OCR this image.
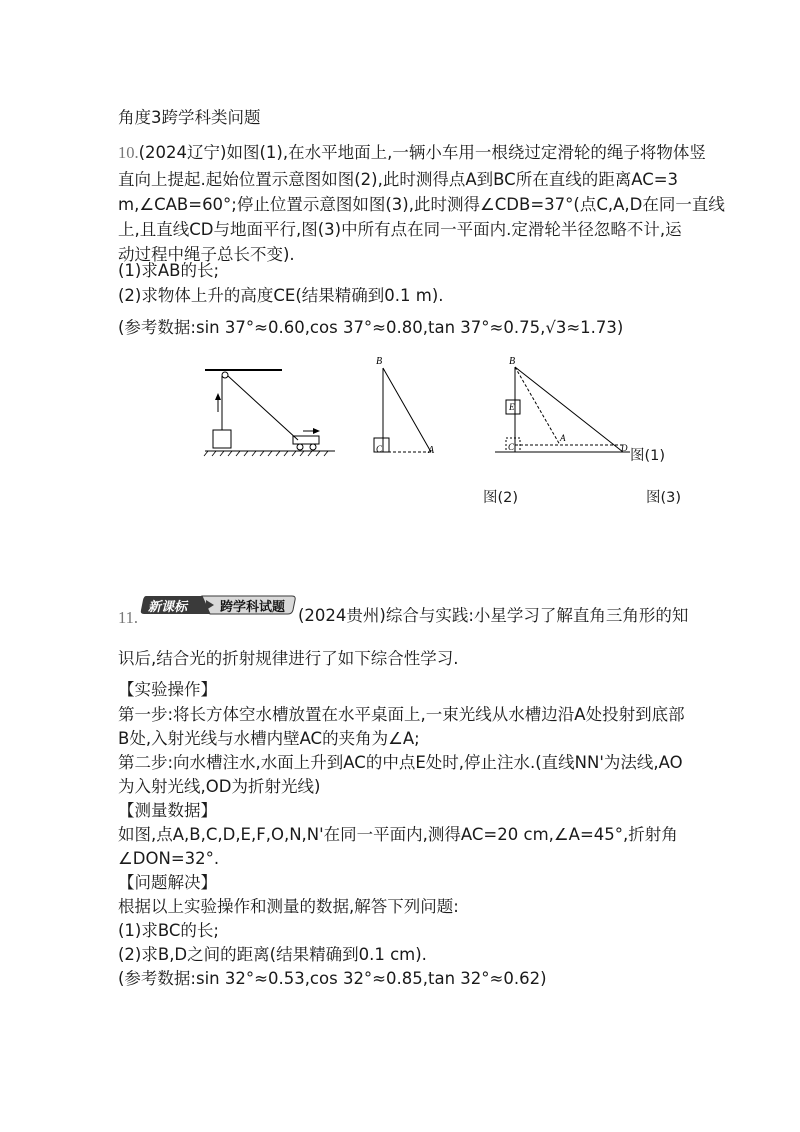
角度3跨学科类问题
10.(2024辽宁)如图(1),在水平地面上,一辆小车用一根绕过定滑轮的绳子将物体竖
直向上提起.起始位置示意图如图(2),此时测得点A到BC所在直线的距离AC=3
m,∠CAB=60°;停止位置示意图如图(3),此时测得∠CDB=37°(点C,A,D在同一直线
上,且直线CD与地面平行,图(3)中所有点在同一平面内.定滑轮半径忽略不计,运
动过程中绳子总长不变).
(1)求AB的长;
(2)求物体上升的高度CE(结果精确到0.1 m).
(参考数据:sin 37°≈0.60,cos 37°≈0.80,tan 37°≈0.75,√3≈1.73)
B
C	A
B
E
C
A
D 图(1)
图(2)	图(3)
11.
新课标	跨学科试题 (2024贵州)综合与实践:小星学习了解直角三角形的知
识后,结合光的折射规律进行了如下综合性学习.
【实验操作】
第一步:将长方体空水槽放置在水平桌面上,一束光线从水槽边沿A处投射到底部
B处,入射光线与水槽内壁AC的夹角为∠A;
第二步:向水槽注水,水面上升到AC的中点E处时,停止注水.(直线NN'为法线,AO
为入射光线,OD为折射光线)
【测量数据】
如图,点A,B,C,D,E,F,O,N,N'在同一平面内,测得AC=20 cm,∠A=45°,折射角
∠DON=32°.
【问题解决】
根据以上实验操作和测量的数据,解答下列问题:
(1)求BC的长;
(2)求B,D之间的距离(结果精确到0.1 cm).
(参考数据:sin 32°≈0.53,cos 32°≈0.85,tan 32°≈0.62)
